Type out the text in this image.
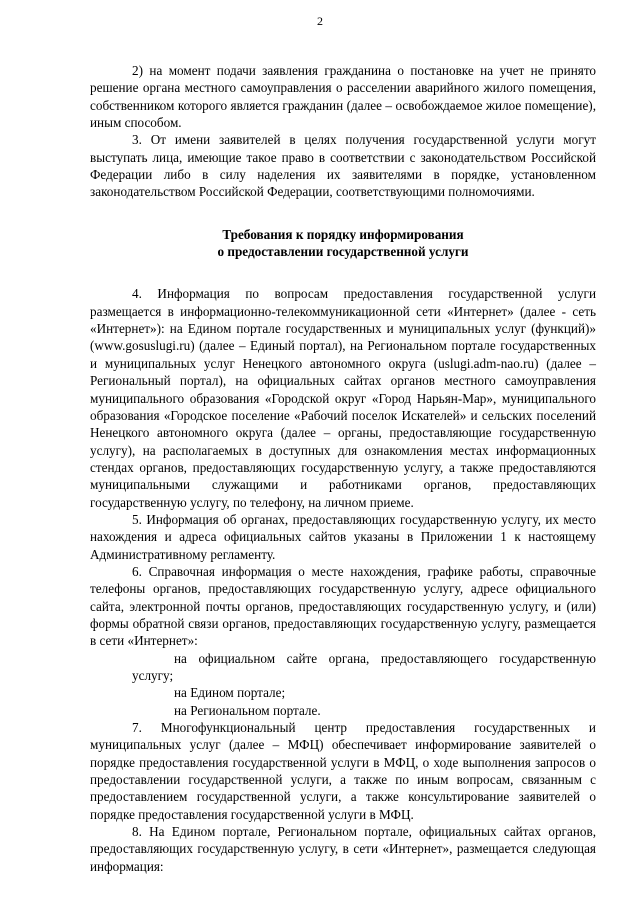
2

2) на момент подачи заявления гражданина о постановке на учет не принято решение органа местного самоуправления о расселении аварийного жилого помещения, собственником которого является гражданин (далее – освобождаемое жилое помещение), иным способом.

3. От имени заявителей в целях получения государственной услуги могут выступать лица, имеющие такое право в соответствии с законодательством Российской Федерации либо в силу наделения их заявителями в порядке, установленном законодательством Российской Федерации, соответствующими полномочиями.

Требования к порядку информирования
о предоставлении государственной услуги

4. Информация по вопросам предоставления государственной услуги размещается в информационно-телекоммуникационной сети «Интернет» (далее - сеть «Интернет»): на Едином портале государственных и муниципальных услуг (функций)» (www.gosuslugi.ru) (далее – Единый портал), на Региональном портале государственных и муниципальных услуг Ненецкого автономного округа (uslugi.adm-nao.ru) (далее – Региональный портал), на официальных сайтах органов местного самоуправления муниципального образования «Городской округ «Город Нарьян-Мар», муниципального образования «Городское поселение «Рабочий поселок Искателей» и сельских поселений Ненецкого автономного округа (далее – органы, предоставляющие государственную услугу), на располагаемых в доступных для ознакомления местах информационных стендах органов, предоставляющих государственную услугу, а также предоставляются муниципальными служащими и работниками органов, предоставляющих государственную услугу, по телефону, на личном приеме.

5. Информация об органах, предоставляющих государственную услугу, их место нахождения и адреса официальных сайтов указаны в Приложении 1 к настоящему Административному регламенту.

6. Справочная информация о месте нахождения, графике работы, справочные телефоны органов, предоставляющих государственную услугу, адресе официального сайта, электронной почты органов, предоставляющих государственную услугу, и (или) формы обратной связи органов, предоставляющих государственную услугу, размещается в сети «Интернет»:

на официальном сайте органа, предоставляющего государственную услугу;

на Едином портале;

на Региональном портале.

7. Многофункциональный центр предоставления государственных и муниципальных услуг (далее – МФЦ) обеспечивает информирование заявителей о порядке предоставления государственной услуги в МФЦ, о ходе выполнения запросов о предоставлении государственной услуги, а также по иным вопросам, связанным с предоставлением государственной услуги, а также консультирование заявителей о порядке предоставления государственной услуги в МФЦ.

8. На Едином портале, Региональном портале, официальных сайтах органов, предоставляющих государственную услугу, в сети «Интернет», размещается следующая информация:
